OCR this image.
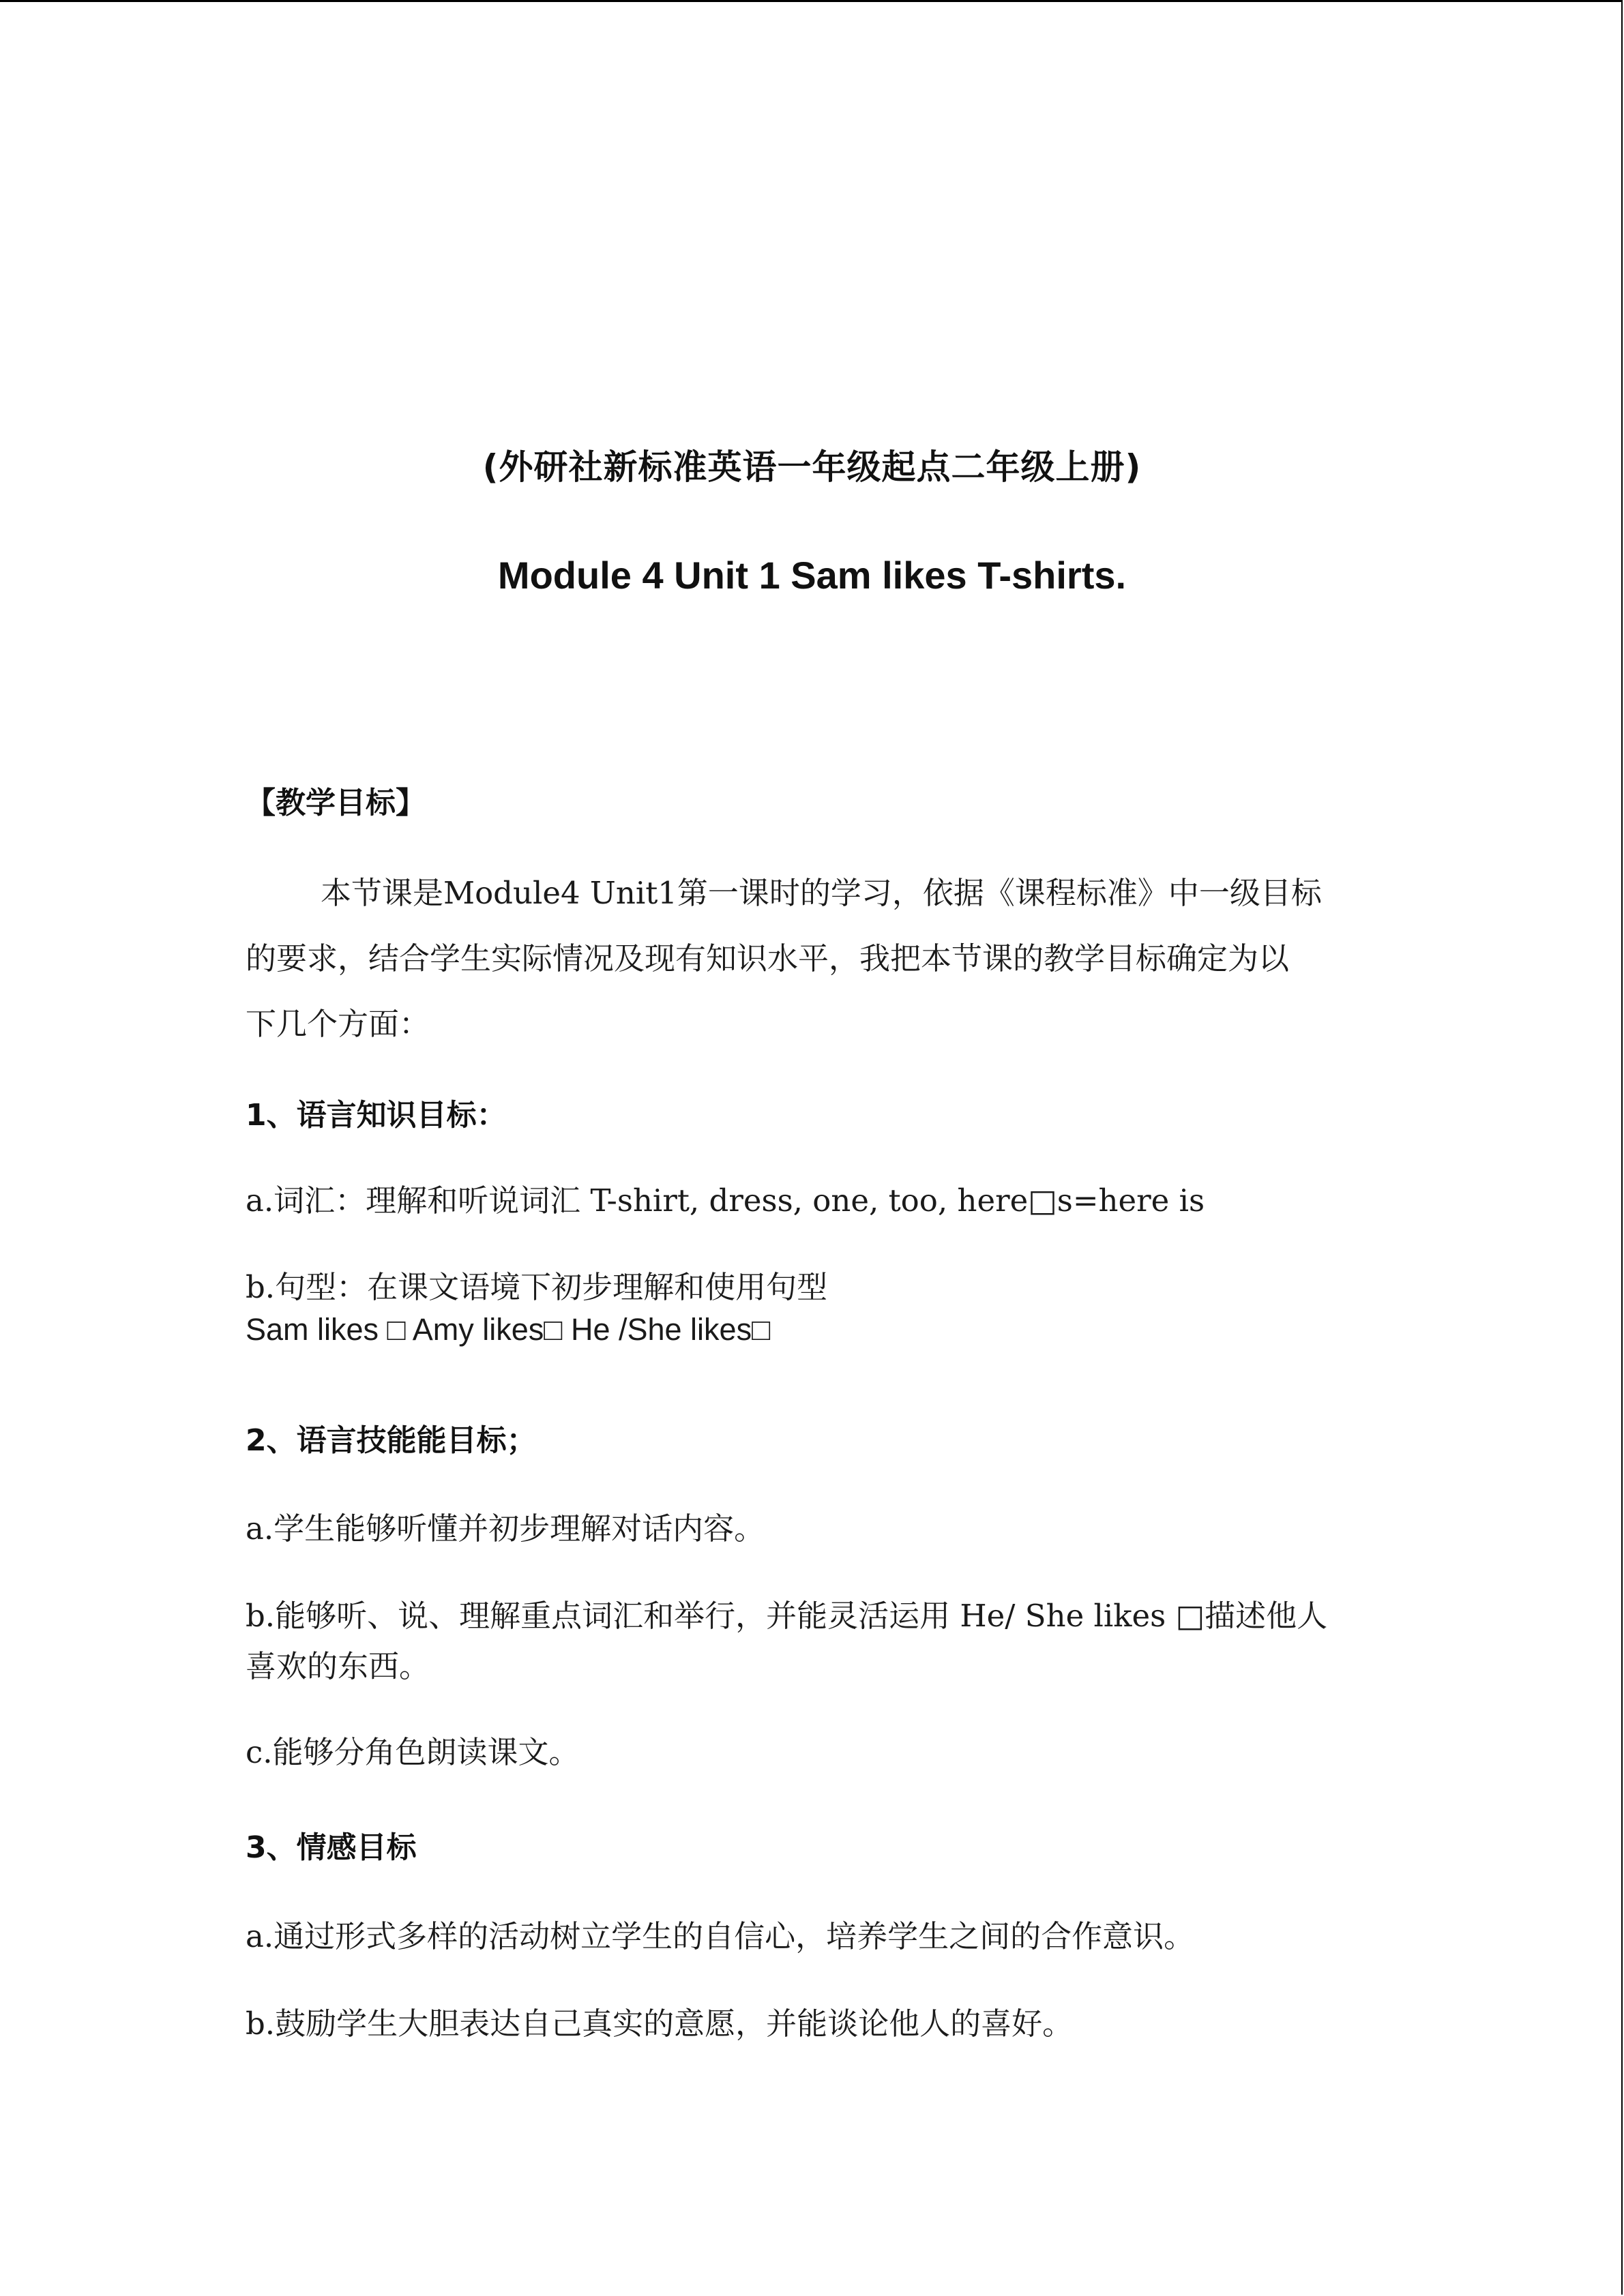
(外研社新标准英语一年级起点二年级上册)
Module 4 Unit 1 Sam likes T-shirts.
【教学目标】
本节课是Module4 Unit1第一课时的学习，依据《课程标准》中一级目标
的要求，结合学生实际情况及现有知识水平，我把本节课的教学目标确定为以
下几个方面：
1、语言知识目标：
a.词汇：理解和听说词汇 T-shirt, dress, one, too, here□s=here is
b.句型：在课文语境下初步理解和使用句型
Sam likes □ Amy likes□ He /She likes□
2、语言技能能目标；
a.学生能够听懂并初步理解对话内容。
b.能够听、说、理解重点词汇和举行，并能灵活运用 He/ She likes □描述他人
喜欢的东西。
c.能够分角色朗读课文。
3、情感目标
a.通过形式多样的活动树立学生的自信心，培养学生之间的合作意识。
b.鼓励学生大胆表达自己真实的意愿，并能谈论他人的喜好。
